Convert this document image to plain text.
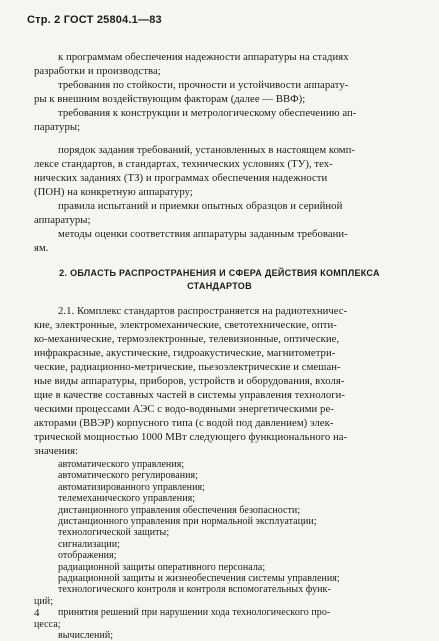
Стр. 2 ГОСТ 25804.1—83
к программам обеспечения надежности аппаратуры на стадиях
разработки и производства;
требования по стойкости, прочности и устойчивости аппарату-
ры к внешним воздействующим факторам (далее — ВВФ);
требования к конструкции и метрологическому обеспечению ап-
паратуры;
порядок задания требований, установленных в настоящем комп-
лексе стандартов, в стандартах, технических условиях (ТУ), тех-
нических заданиях (ТЗ) и программах обеспечения надежности
(ПОН) на конкретную аппаратуру;
правила испытаний и приемки опытных образцов и серийной
аппаратуры;
методы оценки соответствия аппаратуры заданным требовани-
ям.
2. ОБЛАСТЬ РАСПРОСТРАНЕНИЯ И СФЕРА ДЕЙСТВИЯ КОМПЛЕКСА
СТАНДАРТОВ
2.1. Комплекс стандартов распространяется на радиотехничес-
кие, электронные, электромеханические, светотехнические, опти-
ко-механические, термоэлектронные, телевизионные, оптические,
инфракрасные, акустические, гидроакустические, магнитометри-
ческие, радиационно-метрические, пьезоэлектрические и смешан-
ные виды аппаратуры, приборов, устройств и оборудования, вхоля-
щие в качестве составных частей в системы управления технологи-
ческими процессами АЭС с водо-водяными энергетическими ре-
акторами (ВВЭР) корпусного типа (с водой под давлением) элек-
трической мощностью 1000 МВт следующего функционального на-
значения:
автоматического управления;
автоматического регулирования;
автоматизированного управления;
телемеханического управления;
дистанционного управления обеспечения безопасности;
дистанционного управления при нормальной эксплуатации;
технологической защиты;
сигнализации;
отображения;
радиационной защиты оперативного персонала;
радиационной защиты и жизнеобеспечения системы управления;
технологического контроля и контроля вспомогательных функ-
ций;
принятия решений при нарушении хода технологического про-
цесса;
вычислений;
4
